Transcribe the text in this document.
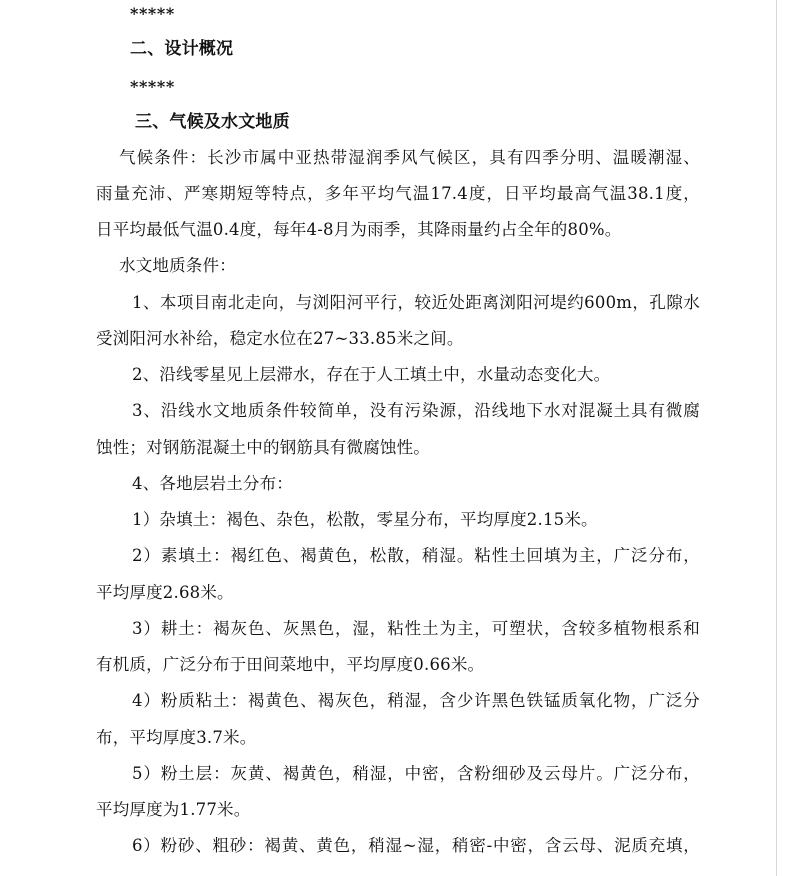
*****
二、设计概况
*****
三、气候及水文地质
气候条件：长沙市属中亚热带湿润季风气候区，具有四季分明、温暖潮湿、
雨量充沛、严寒期短等特点，多年平均气温17.4度，日平均最高气温38.1度，
日平均最低气温0.4度，每年4-8月为雨季，其降雨量约占全年的80%。
水文地质条件：
1、本项目南北走向，与浏阳河平行，较近处距离浏阳河堤约600m，孔隙水
受浏阳河水补给，稳定水位在27~33.85米之间。
2、沿线零星见上层滞水，存在于人工填土中，水量动态变化大。
3、沿线水文地质条件较简单，没有污染源，沿线地下水对混凝土具有微腐
蚀性；对钢筋混凝土中的钢筋具有微腐蚀性。
4、各地层岩土分布：
1）杂填土：褐色、杂色，松散，零星分布，平均厚度2.15米。
2）素填土：褐红色、褐黄色，松散，稍湿。粘性土回填为主，广泛分布，
平均厚度2.68米。
3）耕土：褐灰色、灰黑色，湿，粘性土为主，可塑状，含较多植物根系和
有机质，广泛分布于田间菜地中，平均厚度0.66米。
4）粉质粘土：褐黄色、褐灰色，稍湿，含少许黑色铁锰质氧化物，广泛分
布，平均厚度3.7米。
5）粉土层：灰黄、褐黄色，稍湿，中密，含粉细砂及云母片。广泛分布，
平均厚度为1.77米。
6）粉砂、粗砂：褐黄、黄色，稍湿~湿，稍密-中密，含云母、泥质充填，
